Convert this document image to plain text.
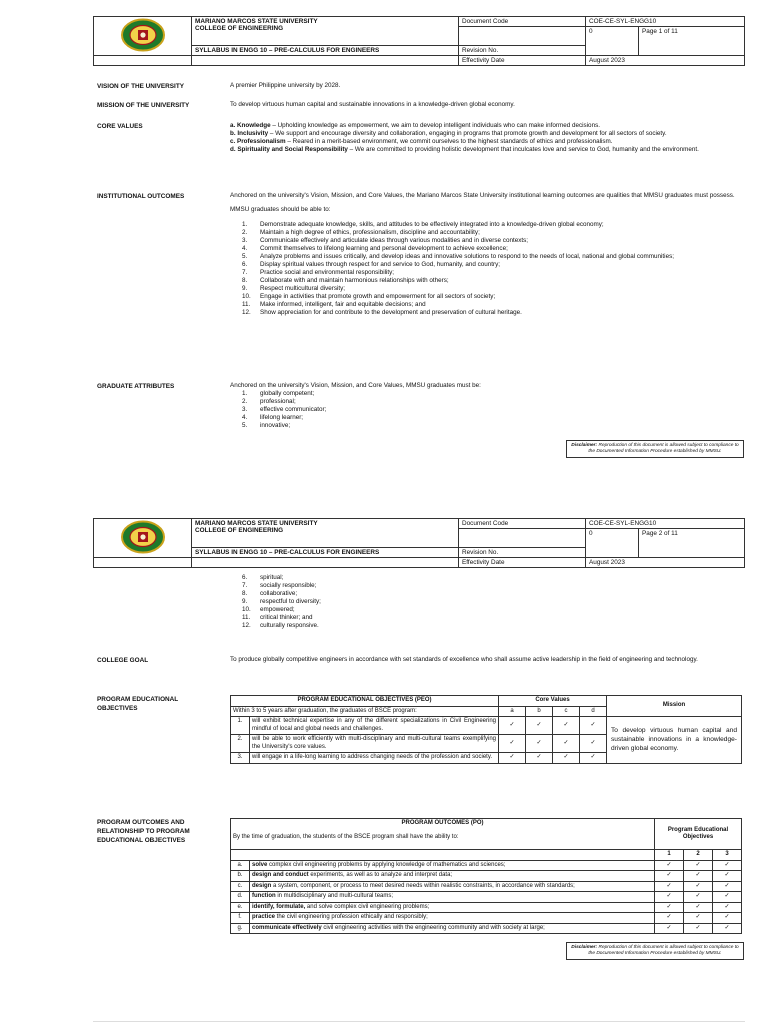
MARIANO MARCOS STATE UNIVERSITY
COLLEGE OF ENGINEERING	Document Code	COE-CE-SYL-ENGG10	
			0	Page 1 of 11
	SYLLABUS IN ENGG 10 – PRE-CALCULUS FOR ENGINEERS	Revision No.		
		Effectivity Date	August 2023	
VISION OF THE UNIVERSITY	A premier Philippine university by 2028.
MISSION OF THE UNIVERSITY	To develop virtuous human capital and sustainable innovations in a knowledge-driven global economy.
CORE VALUES	a. Knowledge – Upholding knowledge as empowerment, we aim to develop intelligent individuals who can make informed decisions.
b. Inclusivity – We support and encourage diversity and collaboration, engaging in programs that promote growth and development for all sectors of society.
c. Professionalism – Reared in a merit-based environment, we commit ourselves to the highest standards of ethics and professionalism.
d. Spirituality and Social Responsibility – We are committed to providing holistic development that inculcates love and service to God, humanity and the environment.
INSTITUTIONAL OUTCOMES	Anchored on the university's Vision, Mission, and Core Values, the Mariano Marcos State University institutional learning outcomes are qualities that MMSU graduates must possess.
MMSU graduates should be able to:
1. Demonstrate adequate knowledge, skills, and attitudes to be effectively integrated into a knowledge-driven global economy;
2. Maintain a high degree of ethics, professionalism, discipline and accountability;
3. Communicate effectively and articulate ideas through various modalities and in diverse contexts;
4. Commit themselves to lifelong learning and personal development to achieve excellence;
5. Analyze problems and issues critically, and develop ideas and innovative solutions to respond to the needs of local, national and global communities;
6. Display spiritual values through respect for and service to God, humanity, and country;
7. Practice social and environmental responsibility;
8. Collaborate with and maintain harmonious relationships with others;
9. Respect multicultural diversity;
10. Engage in activities that promote growth and empowerment for all sectors of society;
11. Make informed, intelligent, fair and equitable decisions; and
12. Show appreciation for and contribute to the development and preservation of cultural heritage.
GRADUATE ATTRIBUTES	Anchored on the university's Vision, Mission, and Core Values, MMSU graduates must be:
1. globally competent;
2. professional;
3. effective communicator;
4. lifelong learner;
5. innovative;
Disclaimer: Reproduction of this document is allowed subject to compliance to the Documented Information Procedure established by MMSU.

MARIANO MARCOS STATE UNIVERSITY
COLLEGE OF ENGINEERING	Document Code	COE-CE-SYL-ENGG10	
			0	Page 2 of 11
	SYLLABUS IN ENGG 10 – PRE-CALCULUS FOR ENGINEERS	Revision No.		
		Effectivity Date	August 2023	
6. spiritual;
7. socially responsible;
8. collaborative;
9. respectful to diversity;
10. empowered;
11. critical thinker; and
12. culturally responsive.
COLLEGE GOAL	To produce globally competitive engineers in accordance with set standards of excellence who shall assume active leadership in the field of engineering and technology.
PROGRAM EDUCATIONAL OBJECTIVES
PROGRAM EDUCATIONAL OBJECTIVES (PEO)		Core Values				Mission
Within 3 to 5 years after graduation, the graduates of BSCE program:		a	b	c	d	
1.	will exhibit technical expertise in any of the different specializations in Civil Engineering mindful of local and global needs and challenges.	✓	✓	✓	✓	To develop virtuous human capital and sustainable innovations in a knowledge-driven global economy.
2.	will be able to work efficiently with multi-disciplinary and multi-cultural teams exemplifying the University's core values.	✓	✓	✓	✓	
3.	will engage in a life-long learning to address changing needs of the profession and society.	✓	✓	✓	✓	
PROGRAM OUTCOMES AND RELATIONSHIP TO PROGRAM EDUCATIONAL OBJECTIVES
PROGRAM OUTCOMES (PO)
By the time of graduation, the students of the BSCE program shall have the ability to:		Program Educational Objectives		
		1	2	3
a.	solve complex civil engineering problems by applying knowledge of mathematics and sciences;	✓	✓	✓
b.	design and conduct experiments, as well as to analyze and interpret data;	✓	✓	✓
c.	design a system, component, or process to meet desired needs within realistic constraints, in accordance with standards;	✓	✓	✓
d.	function in multidisciplinary and multi-cultural teams;	✓	✓	✓
e.	identify, formulate, and solve complex civil engineering problems;	✓	✓	✓
f.	practice the civil engineering profession ethically and responsibly;	✓	✓	✓
g.	communicate effectively civil engineering activities with the engineering community and with society at large;	✓	✓	✓
Disclaimer: Reproduction of this document is allowed subject to compliance to the Documented Information Procedure established by MMSU.
